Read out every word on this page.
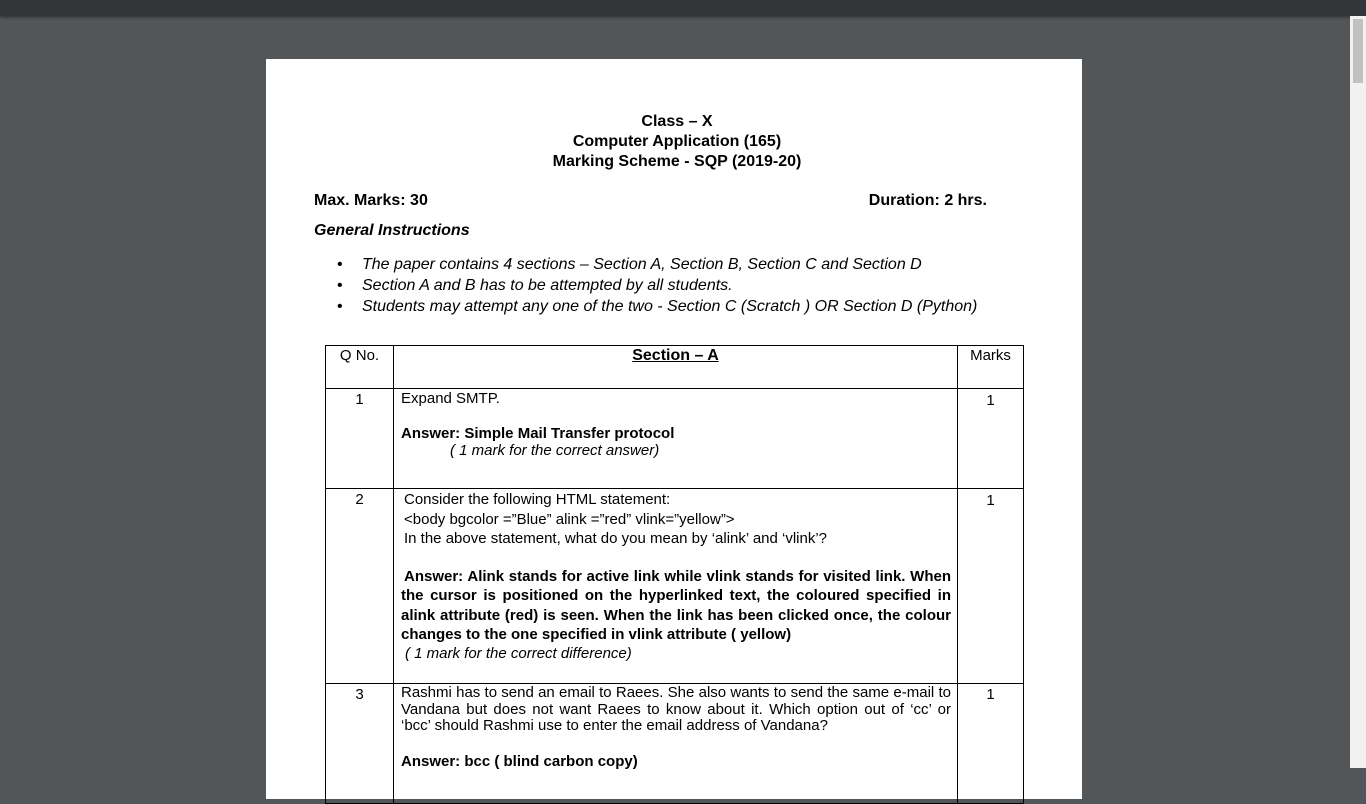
Class – X
Computer Application (165)
Marking Scheme - SQP (2019-20)
Max. Marks: 30	Duration: 2 hrs.
General Instructions
• The paper contains 4 sections – Section A, Section B, Section C and Section D
• Section A and B has to be attempted by all students.
• Students may attempt any one of the two - Section C (Scratch ) OR Section D (Python)
Q No.	Section – A	Marks
1	Expand SMTP.
Answer: Simple Mail Transfer protocol
( 1 mark for the correct answer)	1
2	Consider the following HTML statement:
<body bgcolor =”Blue” alink =”red” vlink=”yellow”>
In the above statement, what do you mean by ‘alink’ and ‘vlink’?
Answer: Alink stands for active link while vlink stands for visited link. When the cursor is positioned on the hyperlinked text, the coloured specified in alink attribute (red) is seen. When the link has been clicked once, the colour changes to the one specified in vlink attribute ( yellow)
( 1 mark for the correct difference)	1
3	Rashmi has to send an email to Raees. She also wants to send the same e-mail to Vandana but does not want Raees to know about it. Which option out of ‘cc’ or ‘bcc’ should Rashmi use to enter the email address of Vandana?
Answer: bcc ( blind carbon copy)	1
